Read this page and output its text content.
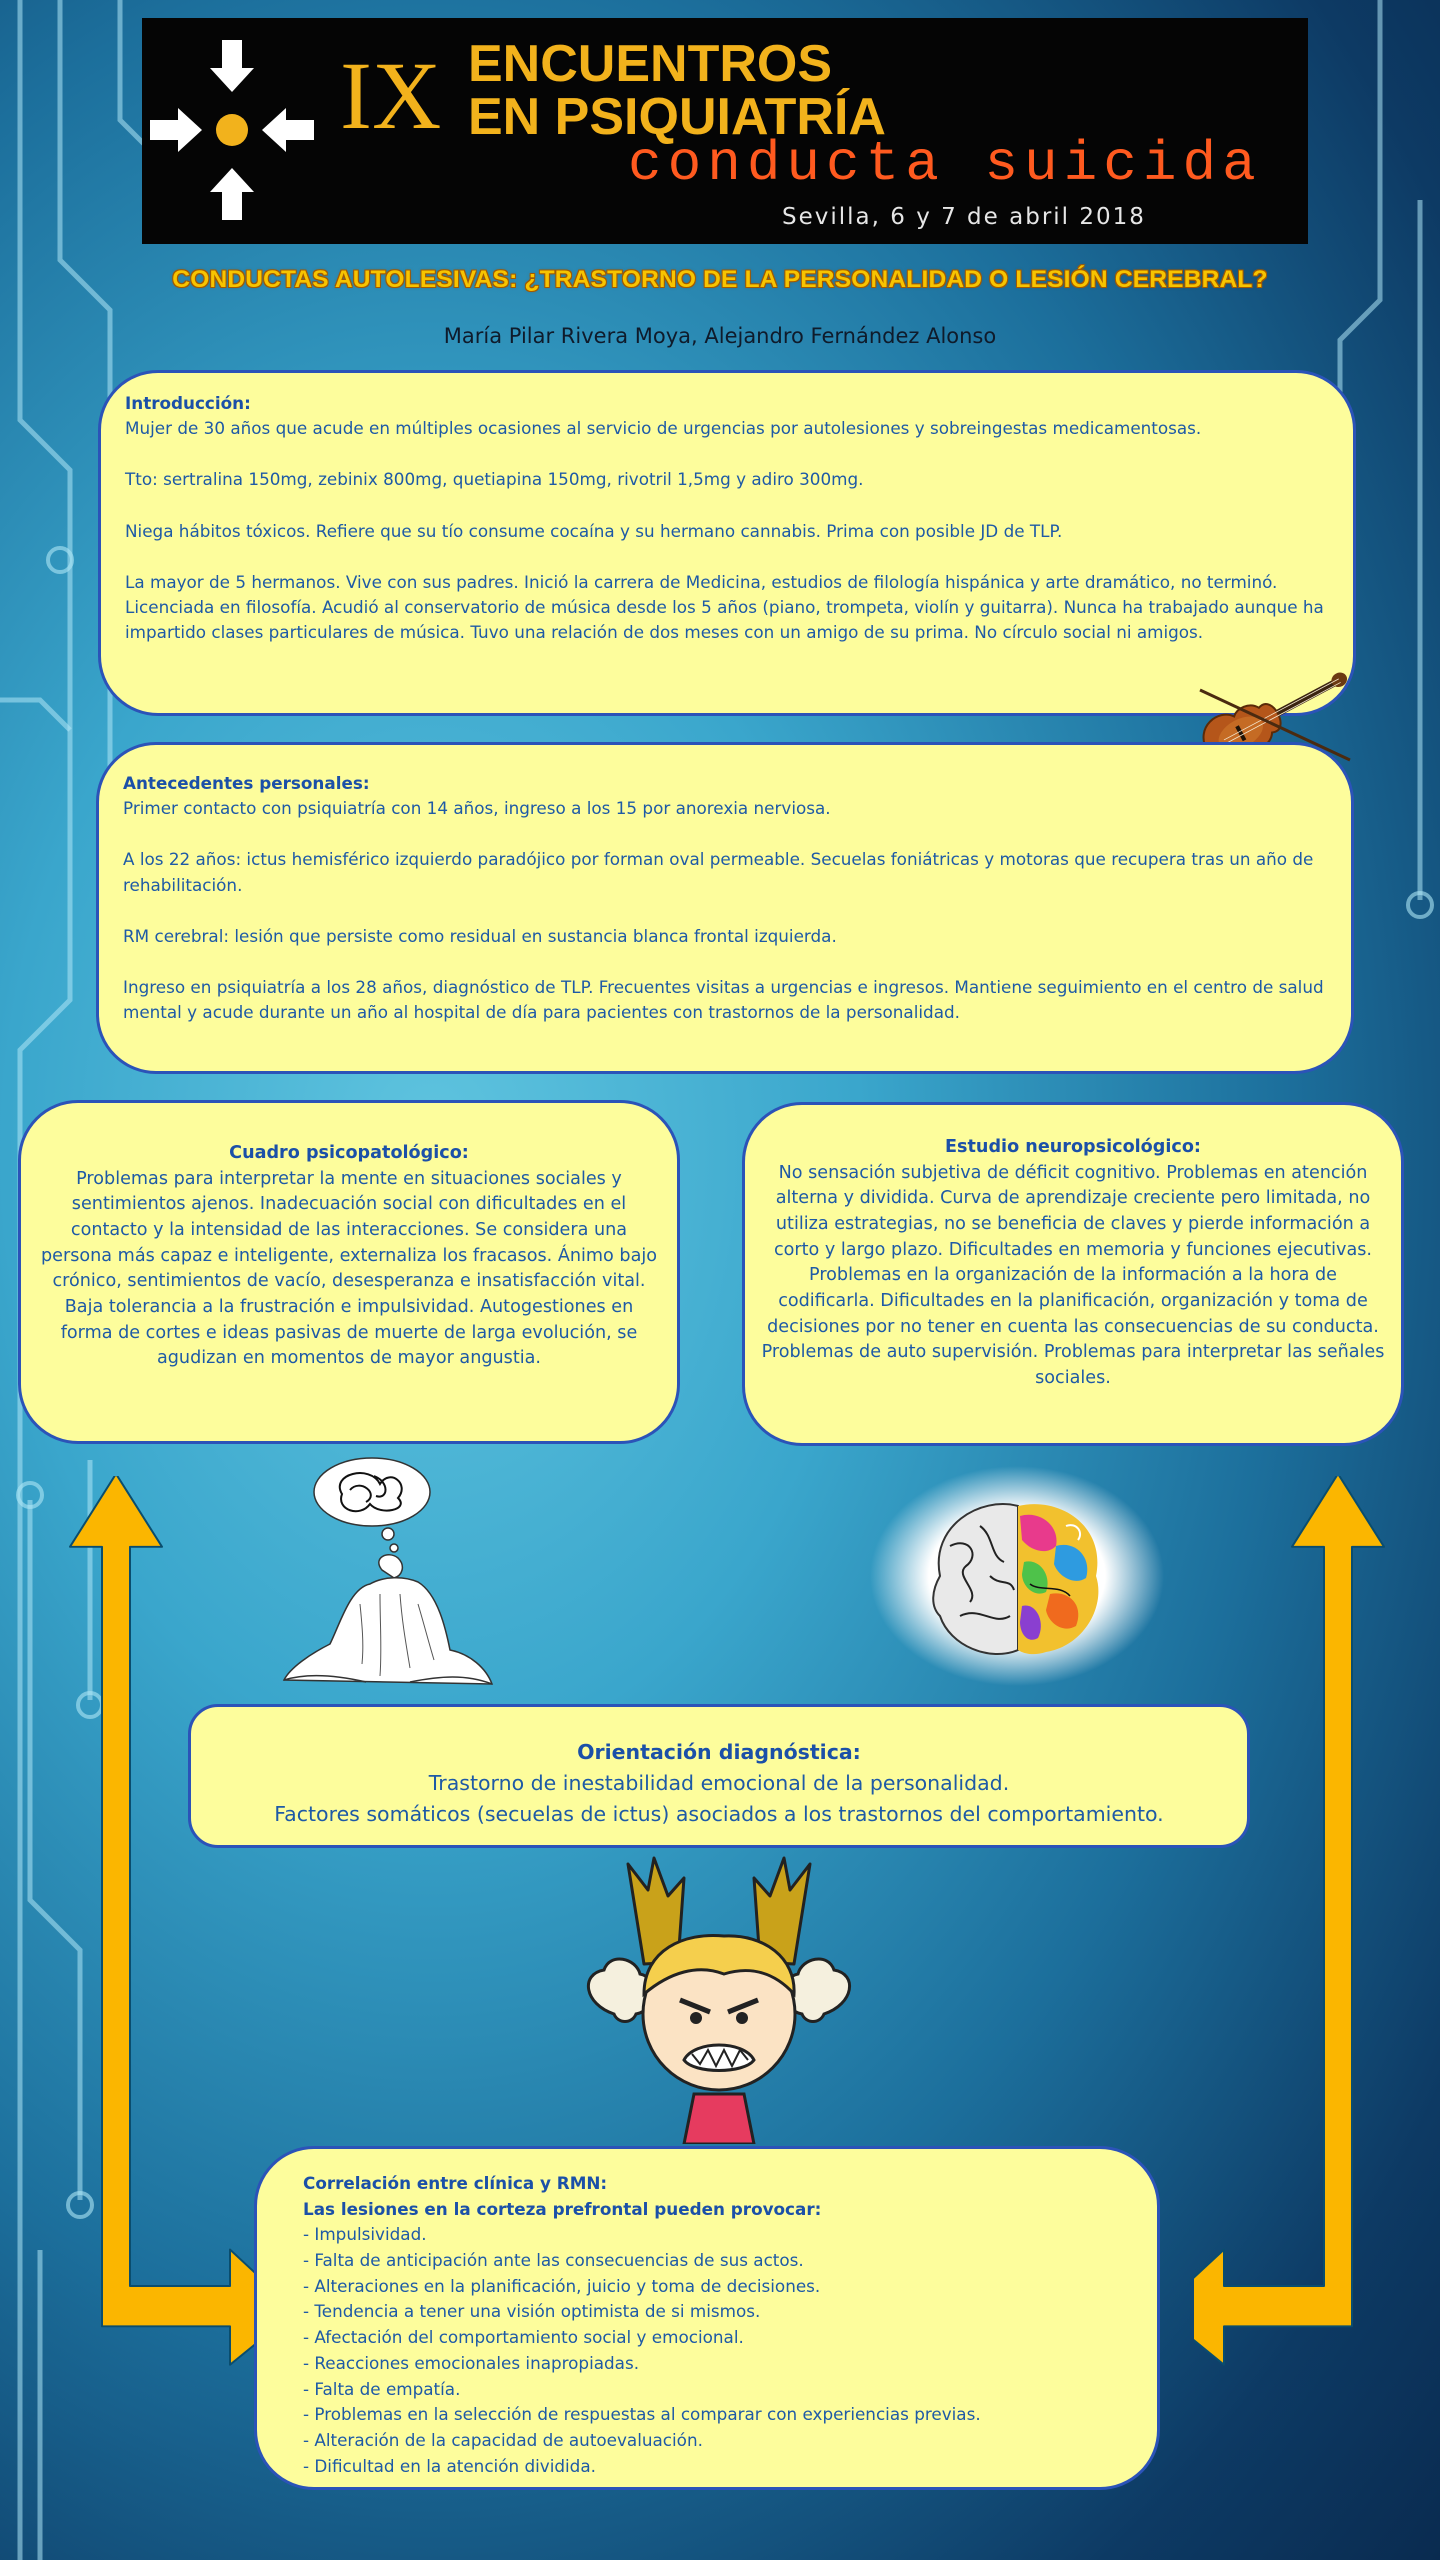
IX ENCUENTROS
EN PSIQUIATRÍA
conducta suicida
Sevilla, 6 y 7 de abril 2018
CONDUCTAS AUTOLESIVAS: ¿TRASTORNO DE LA PERSONALIDAD O LESIÓN CEREBRAL?
María Pilar Rivera Moya, Alejandro Fernández Alonso
Introducción:

Mujer de 30 años que acude en múltiples ocasiones al servicio de urgencias por autolesiones y sobreingestas medicamentosas.

Tto: sertralina 150mg, zebinix 800mg, quetiapina 150mg, rivotril 1,5mg y adiro 300mg.

Niega hábitos tóxicos. Refiere que su tío consume cocaína y su hermano cannabis. Prima con posible JD de TLP.

La mayor de 5 hermanos. Vive con sus padres. Inició la carrera de Medicina, estudios de filología hispánica y arte dramático, no terminó. Licenciada en filosofía. Acudió al conservatorio de música desde los 5 años (piano, trompeta, violín y guitarra). Nunca ha trabajado aunque ha impartido clases particulares de música. Tuvo una relación de dos meses con un amigo de su prima. No círculo social ni amigos.

Antecedentes personales:

Primer contacto con psiquiatría con 14 años, ingreso a los 15 por anorexia nerviosa.

A los 22 años: ictus hemisférico izquierdo paradójico por forman oval permeable. Secuelas foniátricas y motoras que recupera tras un año de rehabilitación.

RM cerebral: lesión que persiste como residual en sustancia blanca frontal izquierda.

Ingreso en psiquiatría a los 28 años, diagnóstico de TLP. Frecuentes visitas a urgencias e ingresos. Mantiene seguimiento en el centro de salud mental y acude durante un año al hospital de día para pacientes con trastornos de la personalidad.

Cuadro psicopatológico:
Problemas para interpretar la mente en situaciones sociales y sentimientos ajenos. Inadecuación social con dificultades en el contacto y la intensidad de las interacciones. Se considera una persona más capaz e inteligente, externaliza los fracasos. Ánimo bajo crónico, sentimientos de vacío, desesperanza e insatisfacción vital. Baja tolerancia a la frustración e impulsividad. Autogestiones en forma de cortes e ideas pasivas de muerte de larga evolución, se agudizan en momentos de mayor angustia.
Estudio neuropsicológico:
No sensación subjetiva de déficit cognitivo. Problemas en atención alterna y dividida. Curva de aprendizaje creciente pero limitada, no utiliza estrategias, no se beneficia de claves y pierde información a corto y largo plazo. Dificultades en memoria y funciones ejecutivas. Problemas en la organización de la información a la hora de codificarla. Dificultades en la planificación, organización y toma de decisiones por no tener en cuenta las consecuencias de su conducta. Problemas de auto supervisión. Problemas para interpretar las señales sociales.
Orientación diagnóstica:
Trastorno de inestabilidad emocional de la personalidad.
Factores somáticos (secuelas de ictus) asociados a los trastornos del comportamiento.
Correlación entre clínica y RMN:
Las lesiones en la corteza prefrontal pueden provocar:
- Impulsividad.
- Falta de anticipación ante las consecuencias de sus actos.
- Alteraciones en la planificación, juicio y toma de decisiones.
- Tendencia a tener una visión optimista de si mismos.
- Afectación del comportamiento social y emocional.
- Reacciones emocionales inapropiadas.
- Falta de empatía.
- Problemas en la selección de respuestas al comparar con experiencias previas.
- Alteración de la capacidad de autoevaluación.
- Dificultad en la atención dividida.
